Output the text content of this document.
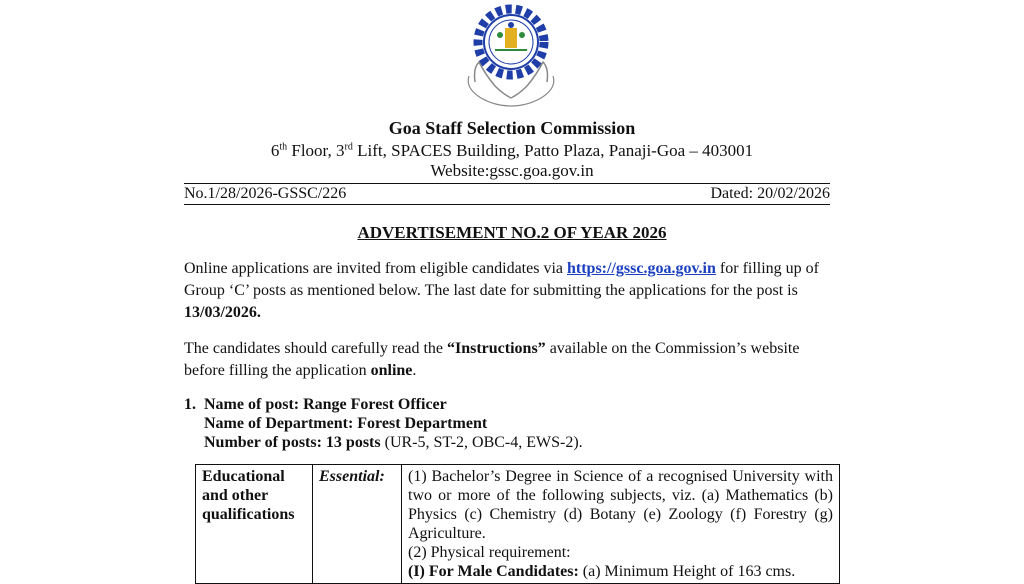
Goa Staff Selection Commission
6th Floor, 3rd Lift, SPACES Building, Patto Plaza, Panaji-Goa – 403001
Website:gssc.goa.gov.in
No.1/28/2026-GSSC/226	Dated: 20/02/2026
ADVERTISEMENT NO.2 OF YEAR 2026
Online applications are invited from eligible candidates via https://gssc.goa.gov.in for filling up of Group ‘C’ posts as mentioned below. The last date for submitting the applications for the post is 13/03/2026.
The candidates should carefully read the “Instructions” available on the Commission’s website before filling the application online.
1. Name of post: Range Forest Officer
Name of Department: Forest Department
Number of posts: 13 posts (UR-5, ST-2, OBC-4, EWS-2).
Educational and other qualifications	Essential:	(1) Bachelor’s Degree in Science of a recognised University with two or more of the following subjects, viz. (a) Mathematics (b) Physics (c) Chemistry (d) Botany (e) Zoology (f) Forestry (g) Agriculture.
(2) Physical requirement:
(I) For Male Candidates: (a) Minimum Height of 163 cms.
